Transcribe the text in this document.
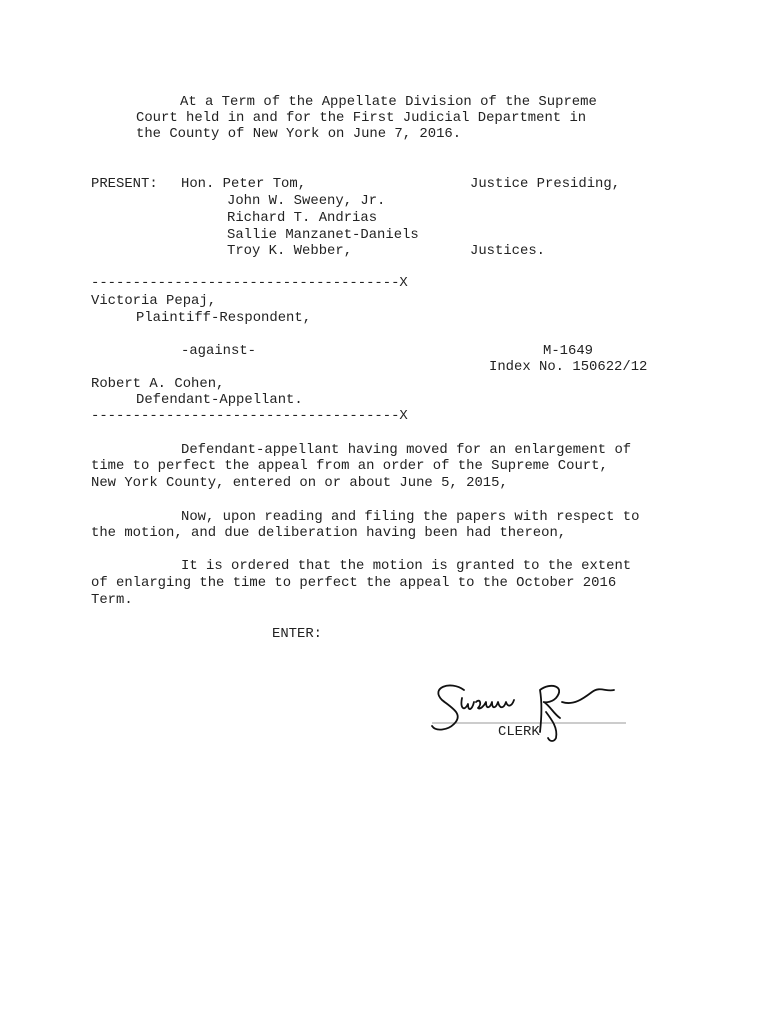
At a Term of the Appellate Division of the Supreme
Court held in and for the First Judicial Department in
the County of New York on June 7, 2016.
PRESENT: Hon. Peter Tom,
John W. Sweeny, Jr.
Richard T. Andrias
Sallie Manzanet-Daniels
Troy K. Webber,
Justice Presiding,
Justices.
-------------------------------------X
Victoria Pepaj,
Plaintiff-Respondent,
-against-	M-1649
Index No. 150622/12
Robert A. Cohen,
Defendant-Appellant.
-------------------------------------X
Defendant-appellant having moved for an enlargement of
time to perfect the appeal from an order of the Supreme Court,
New York County, entered on or about June 5, 2015,
Now, upon reading and filing the papers with respect to
the motion, and due deliberation having been had thereon,
It is ordered that the motion is granted to the extent
of enlarging the time to perfect the appeal to the October 2016
Term.
ENTER:
CLERK
